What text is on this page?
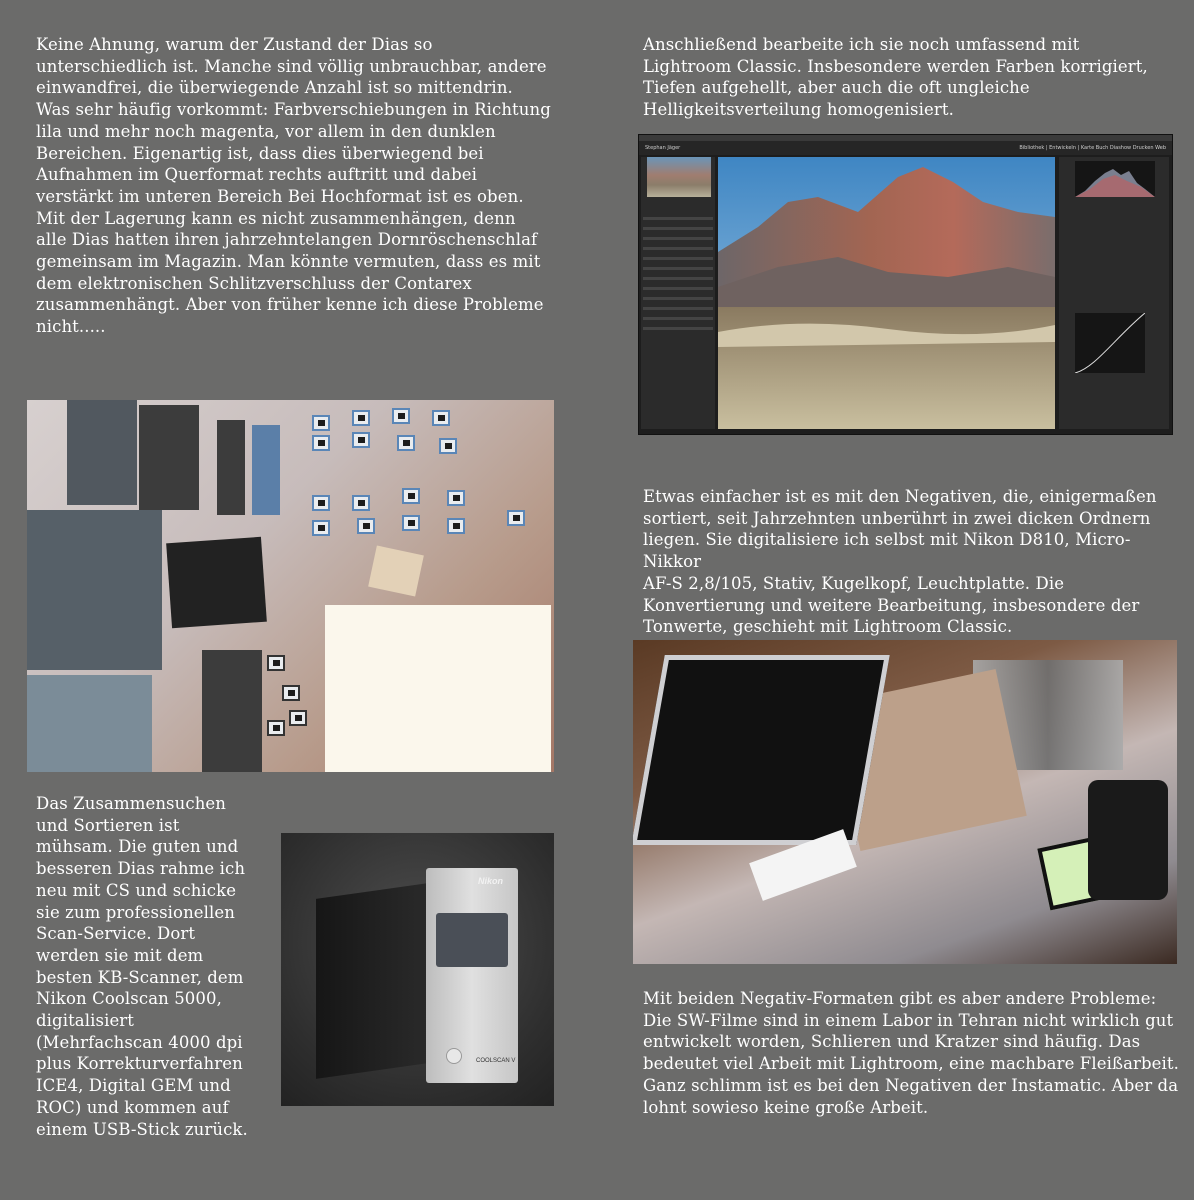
Keine Ahnung, warum der Zustand der Dias so
unterschiedlich ist. Manche sind völlig unbrauchbar, andere
einwandfrei, die überwiegende Anzahl ist so mittendrin.
Was sehr häufig vorkommt: Farbverschiebungen in Richtung
lila und mehr noch magenta, vor allem in den dunklen
Bereichen. Eigenartig ist, dass dies überwiegend bei
Aufnahmen im Querformat rechts auftritt und dabei
verstärkt im unteren Bereich Bei Hochformat ist es oben.
Mit der Lagerung kann es nicht zusammenhängen, denn
alle Dias hatten ihren jahrzehntelangen Dornröschenschlaf
gemeinsam im Magazin. Man könnte vermuten, dass es mit
dem elektronischen Schlitzverschluss der Contarex
zusammenhängt. Aber von früher kenne ich diese Probleme
nicht.....
Anschließend bearbeite ich sie noch umfassend mit
Lightroom Classic. Insbesondere werden Farben korrigiert,
Tiefen aufgehellt, aber auch die oft ungleiche
Helligkeitsverteilung homogenisiert.
Etwas einfacher ist es mit den Negativen, die, einigermaßen
sortiert, seit Jahrzehnten unberührt in zwei dicken Ordnern
liegen. Sie digitalisiere ich selbst mit Nikon D810, Micro-Nikkor
AF-S 2,8/105, Stativ, Kugelkopf, Leuchtplatte. Die
Konvertierung und weitere Bearbeitung, insbesondere der
Tonwerte, geschieht mit Lightroom Classic.
Das Zusammensuchen
und Sortieren ist
mühsam. Die guten und
besseren Dias rahme ich
neu mit CS und schicke
sie zum professionellen
Scan-Service. Dort
werden sie mit dem
besten KB-Scanner, dem
Nikon Coolscan 5000,
digitalisiert
(Mehrfachscan 4000 dpi
plus Korrekturverfahren
ICE4, Digital GEM und
ROC) und kommen auf
einem USB-Stick zurück.
Mit beiden Negativ-Formaten gibt es aber andere Probleme:
Die SW-Filme sind in einem Labor in Tehran nicht wirklich gut
entwickelt worden, Schlieren und Kratzer sind häufig. Das
bedeutet viel Arbeit mit Lightroom, eine machbare Fleißarbeit.
Ganz schlimm ist es bei den Negativen der Instamatic. Aber da
lohnt sowieso keine große Arbeit.
Stephan Jäger	Bibliothek | Entwickeln | Karte Buch Diashow Drucken Web
Nikon
COOLSCAN V
